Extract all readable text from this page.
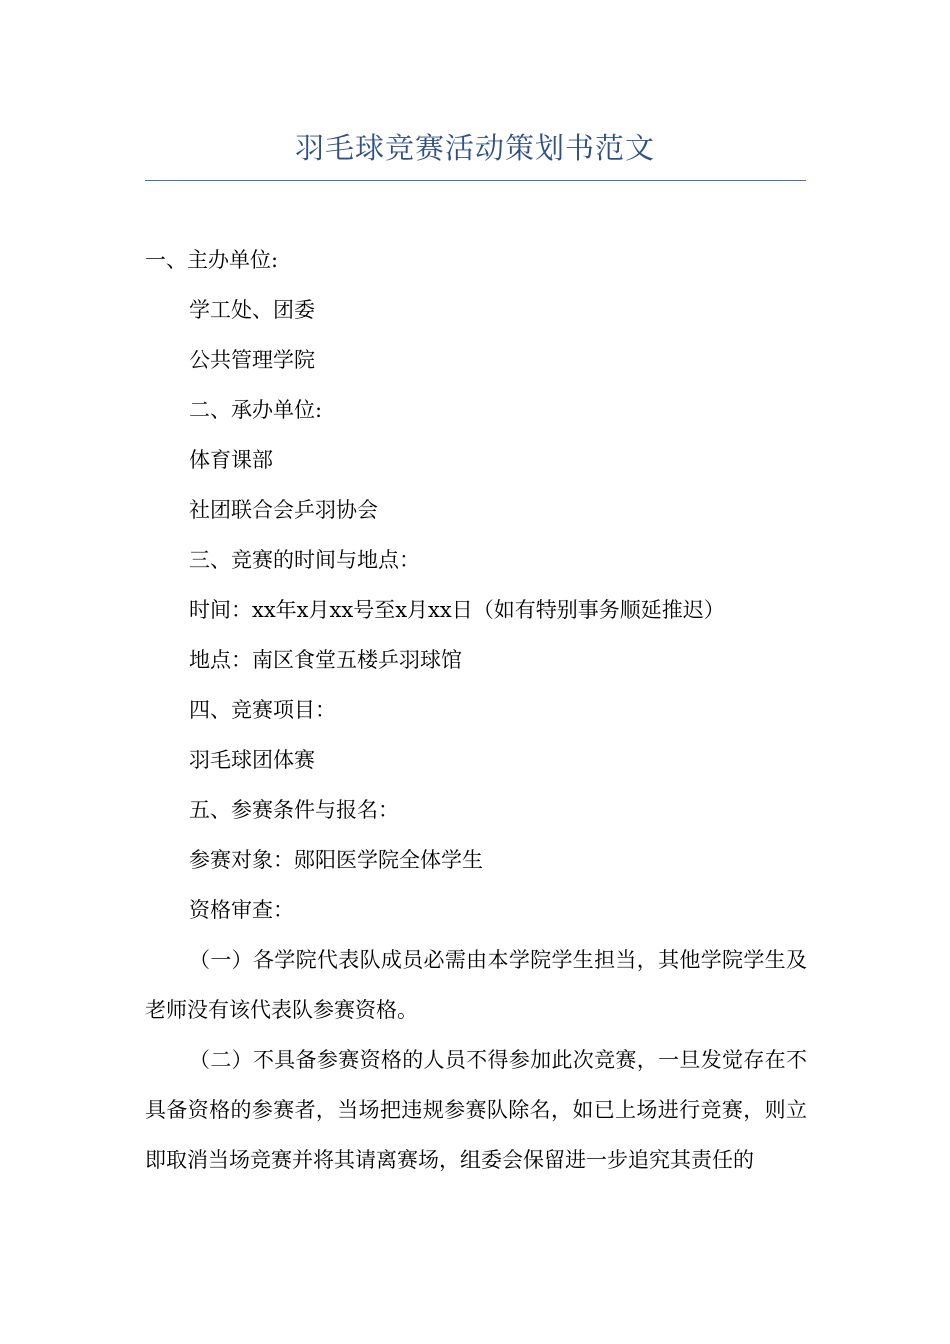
羽毛球竞赛活动策划书范文

一、主办单位:

学工处、团委

公共管理学院

二、承办单位:

体育课部

社团联合会乒羽协会

三、竞赛的时间与地点：

时间：xx年x月xx号至x月xx日（如有特别事务顺延推迟）

地点：南区食堂五楼乒羽球馆

四、竞赛项目：

羽毛球团体赛

五、参赛条件与报名：

参赛对象：郧阳医学院全体学生

资格审查：

（一）各学院代表队成员必需由本学院学生担当，其他学院学生及老师没有该代表队参赛资格。

（二）不具备参赛资格的人员不得参加此次竞赛，一旦发觉存在不具备资格的参赛者，当场把违规参赛队除名，如已上场进行竞赛，则立即取消当场竞赛并将其请离赛场，组委会保留进一步追究其责任的
